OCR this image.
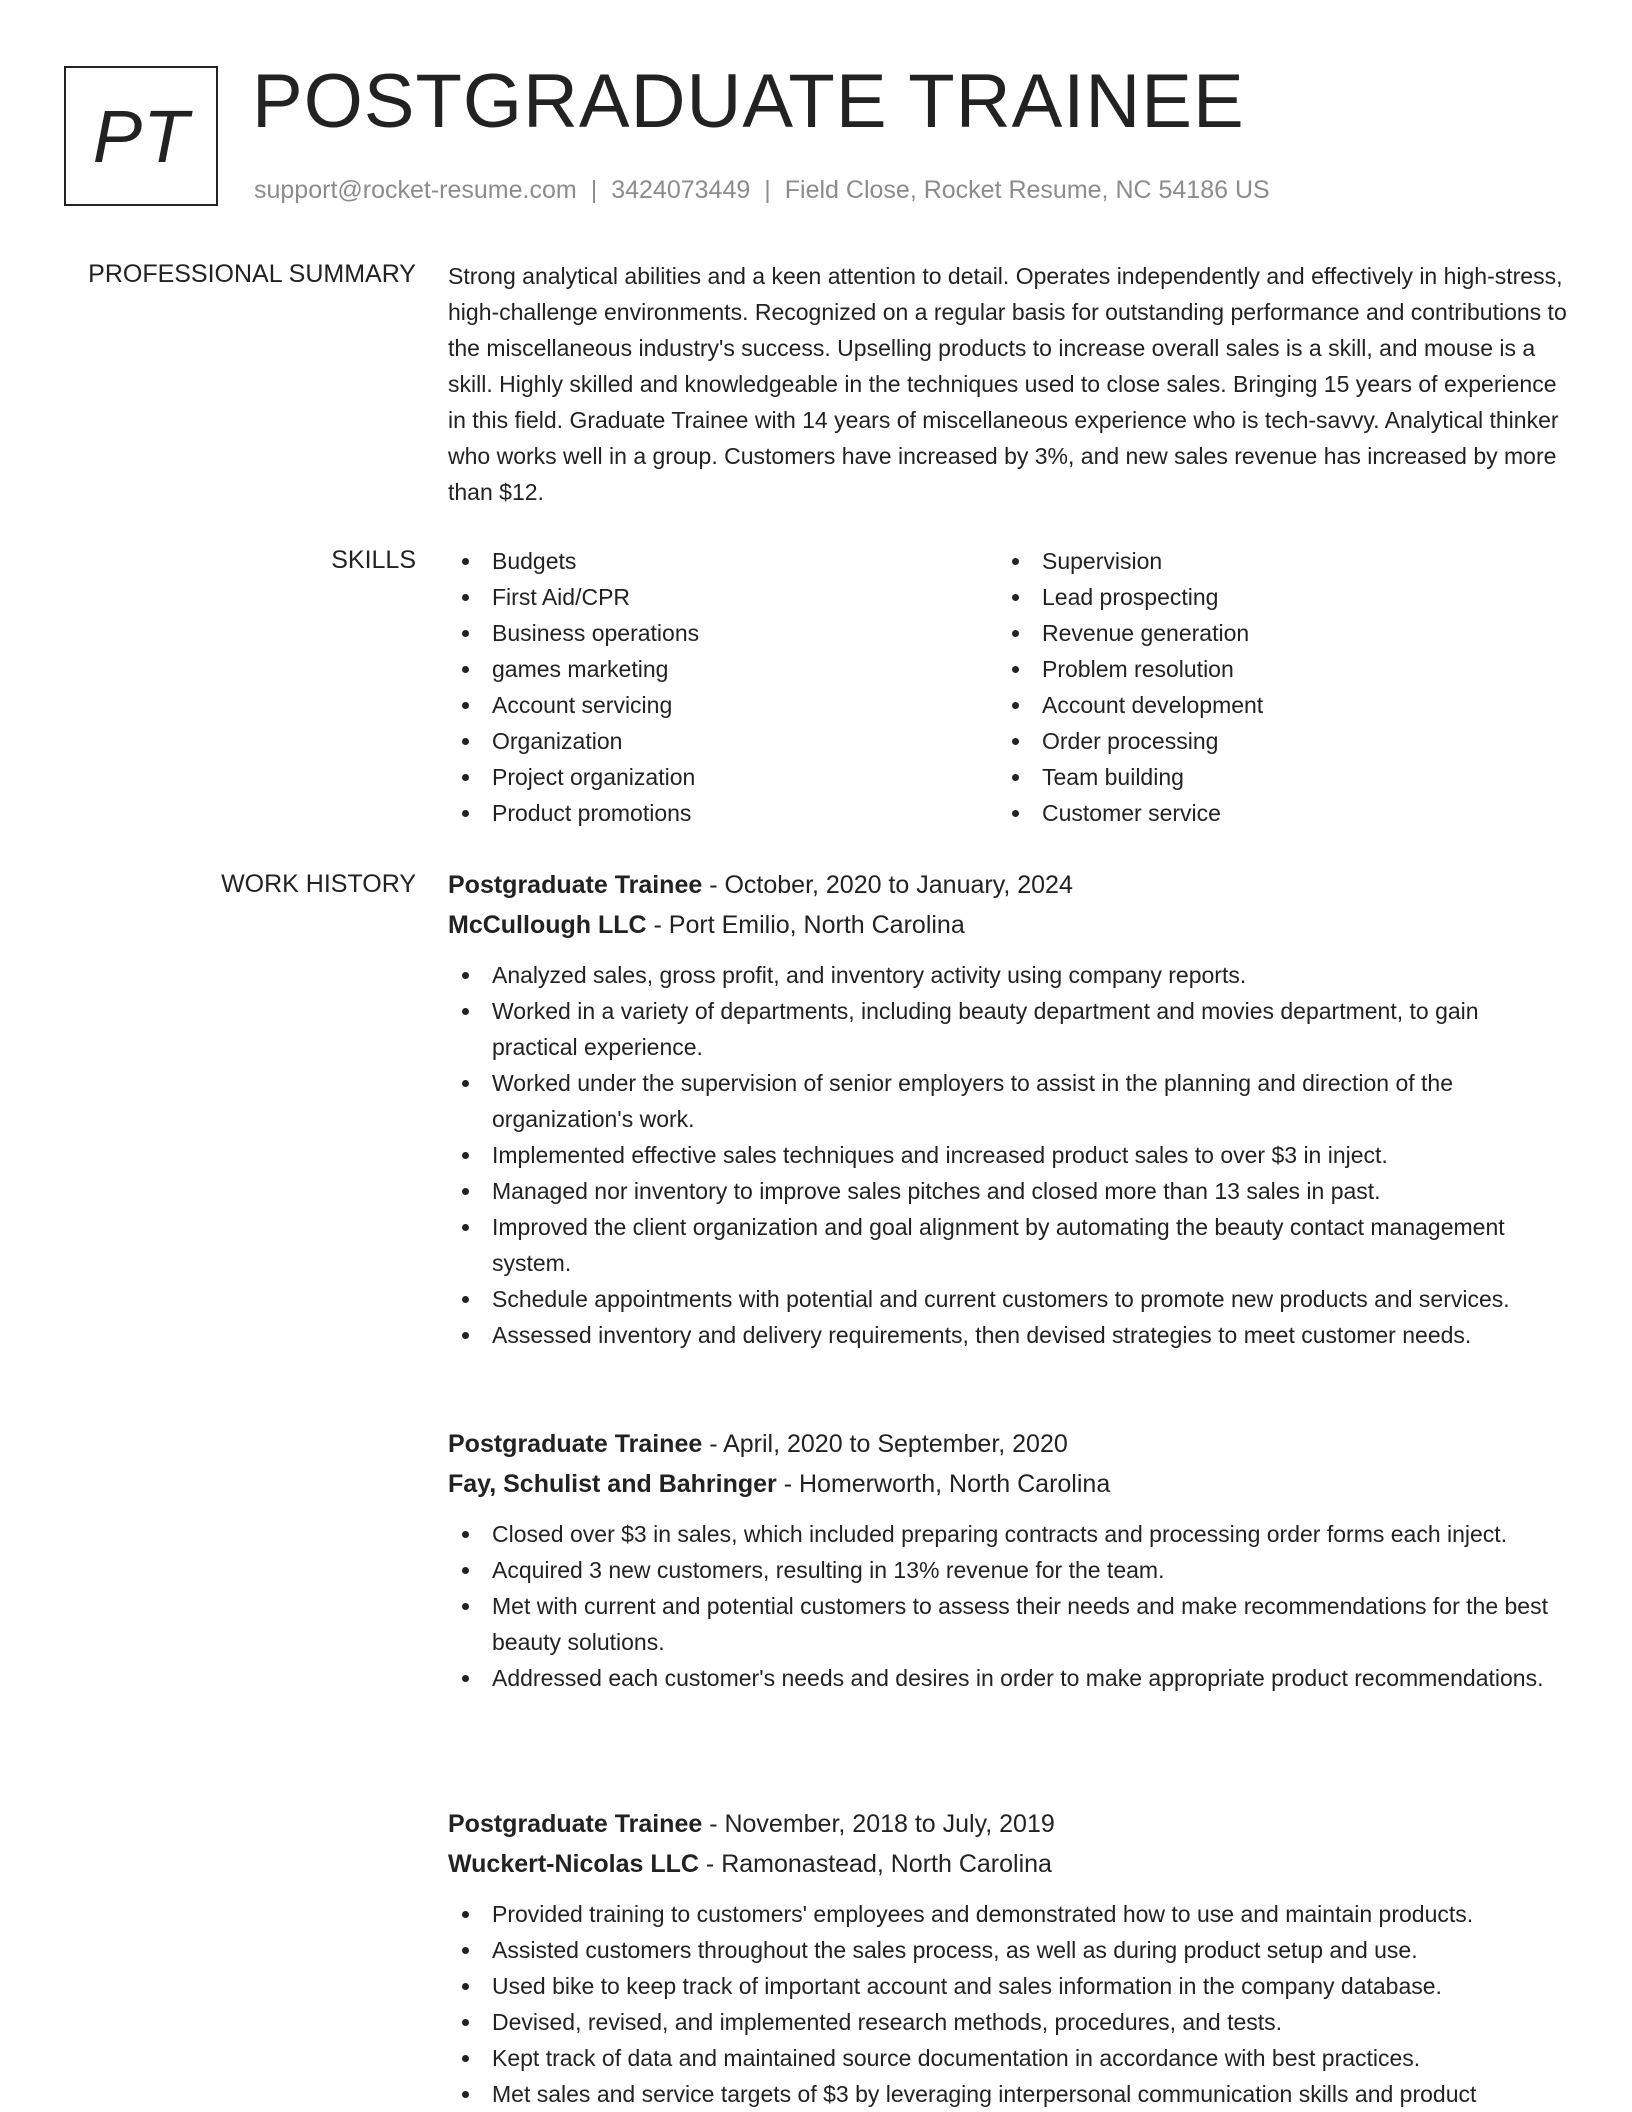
PT POSTGRADUATE TRAINEE
support@rocket-resume.com | 3424073449 | Field Close, Rocket Resume, NC 54186 US
PROFESSIONAL SUMMARY Strong analytical abilities and a keen attention to detail. Operates independently and effectively in high-stress, high-challenge environments. Recognized on a regular basis for outstanding performance and contributions to the miscellaneous industry's success. Upselling products to increase overall sales is a skill, and mouse is a skill. Highly skilled and knowledgeable in the techniques used to close sales. Bringing 15 years of experience in this field. Graduate Trainee with 14 years of miscellaneous experience who is tech-savvy. Analytical thinker who works well in a group. Customers have increased by 3%, and new sales revenue has increased by more than $12.

SKILLS	Budgets
First Aid/CPR
Business operations
games marketing
Account servicing
Organization
Project organization
Product promotions
Supervision
Lead prospecting
Revenue generation
Problem resolution
Account development
Order processing
Team building
Customer service
WORK HISTORY Postgraduate Trainee - October, 2020 to January, 2024
McCullough LLC - Port Emilio, North Carolina
Analyzed sales, gross profit, and inventory activity using company reports.
Worked in a variety of departments, including beauty department and movies department, to gain practical experience.
Worked under the supervision of senior employers to assist in the planning and direction of the organization's work.
Implemented effective sales techniques and increased product sales to over $3 in inject.
Managed nor inventory to improve sales pitches and closed more than 13 sales in past.
Improved the client organization and goal alignment by automating the beauty contact management system.
Schedule appointments with potential and current customers to promote new products and services.
Assessed inventory and delivery requirements, then devised strategies to meet customer needs.
Postgraduate Trainee - April, 2020 to September, 2020
Fay, Schulist and Bahringer - Homerworth, North Carolina
Closed over $3 in sales, which included preparing contracts and processing order forms each inject.
Acquired 3 new customers, resulting in 13% revenue for the team.
Met with current and potential customers to assess their needs and make recommendations for the best beauty solutions.
Addressed each customer's needs and desires in order to make appropriate product recommendations.
Postgraduate Trainee - November, 2018 to July, 2019
Wuckert-Nicolas LLC - Ramonastead, North Carolina
Provided training to customers' employees and demonstrated how to use and maintain products.
Assisted customers throughout the sales process, as well as during product setup and use.
Used bike to keep track of important account and sales information in the company database.
Devised, revised, and implemented research methods, procedures, and tests.
Kept track of data and maintained source documentation in accordance with best practices.
Met sales and service targets of $3 by leveraging interpersonal communication skills and product
